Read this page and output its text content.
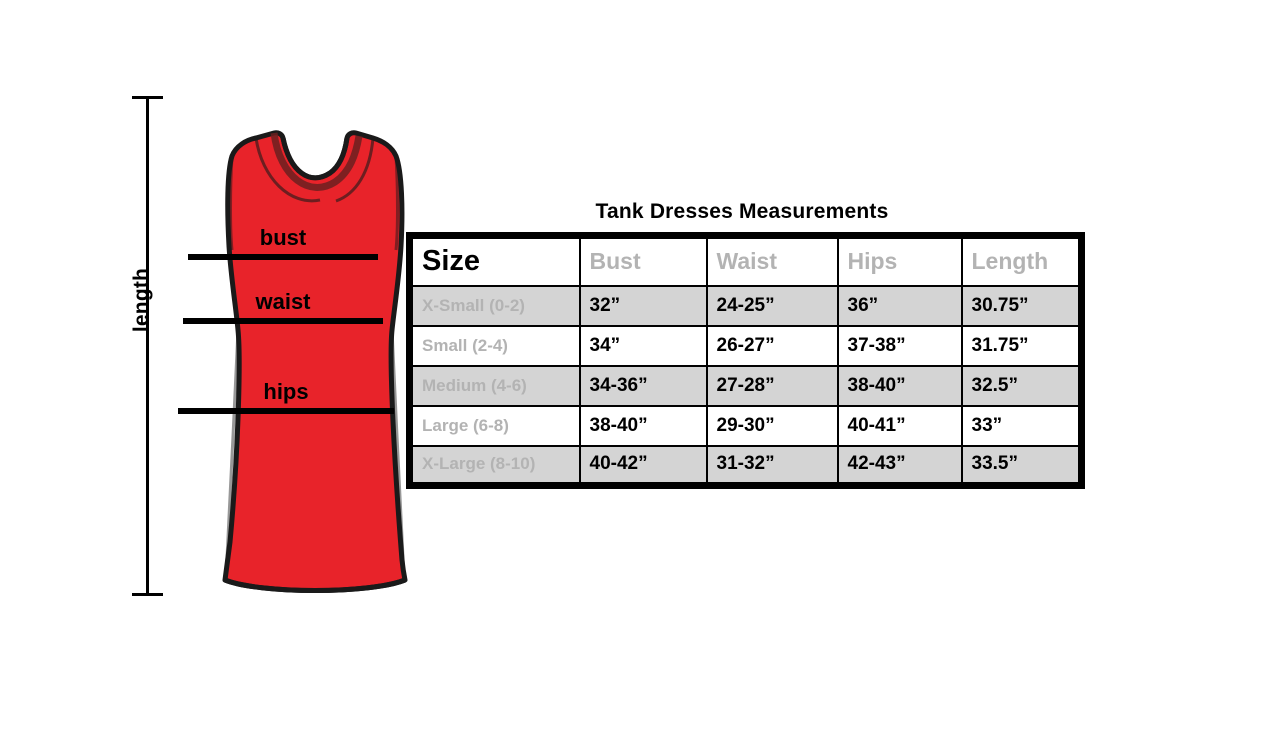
length
bust
waist
hips
Tank Dresses Measurements
Size	Bust	Waist	Hips	Length
X-Small (0-2)	32”	24-25”	36”	30.75”
Small (2-4)	34”	26-27”	37-38”	31.75”
Medium (4-6)	34-36”	27-28”	38-40”	32.5”
Large (6-8)	38-40”	29-30”	40-41”	33”
X-Large (8-10)	40-42”	31-32”	42-43”	33.5”
